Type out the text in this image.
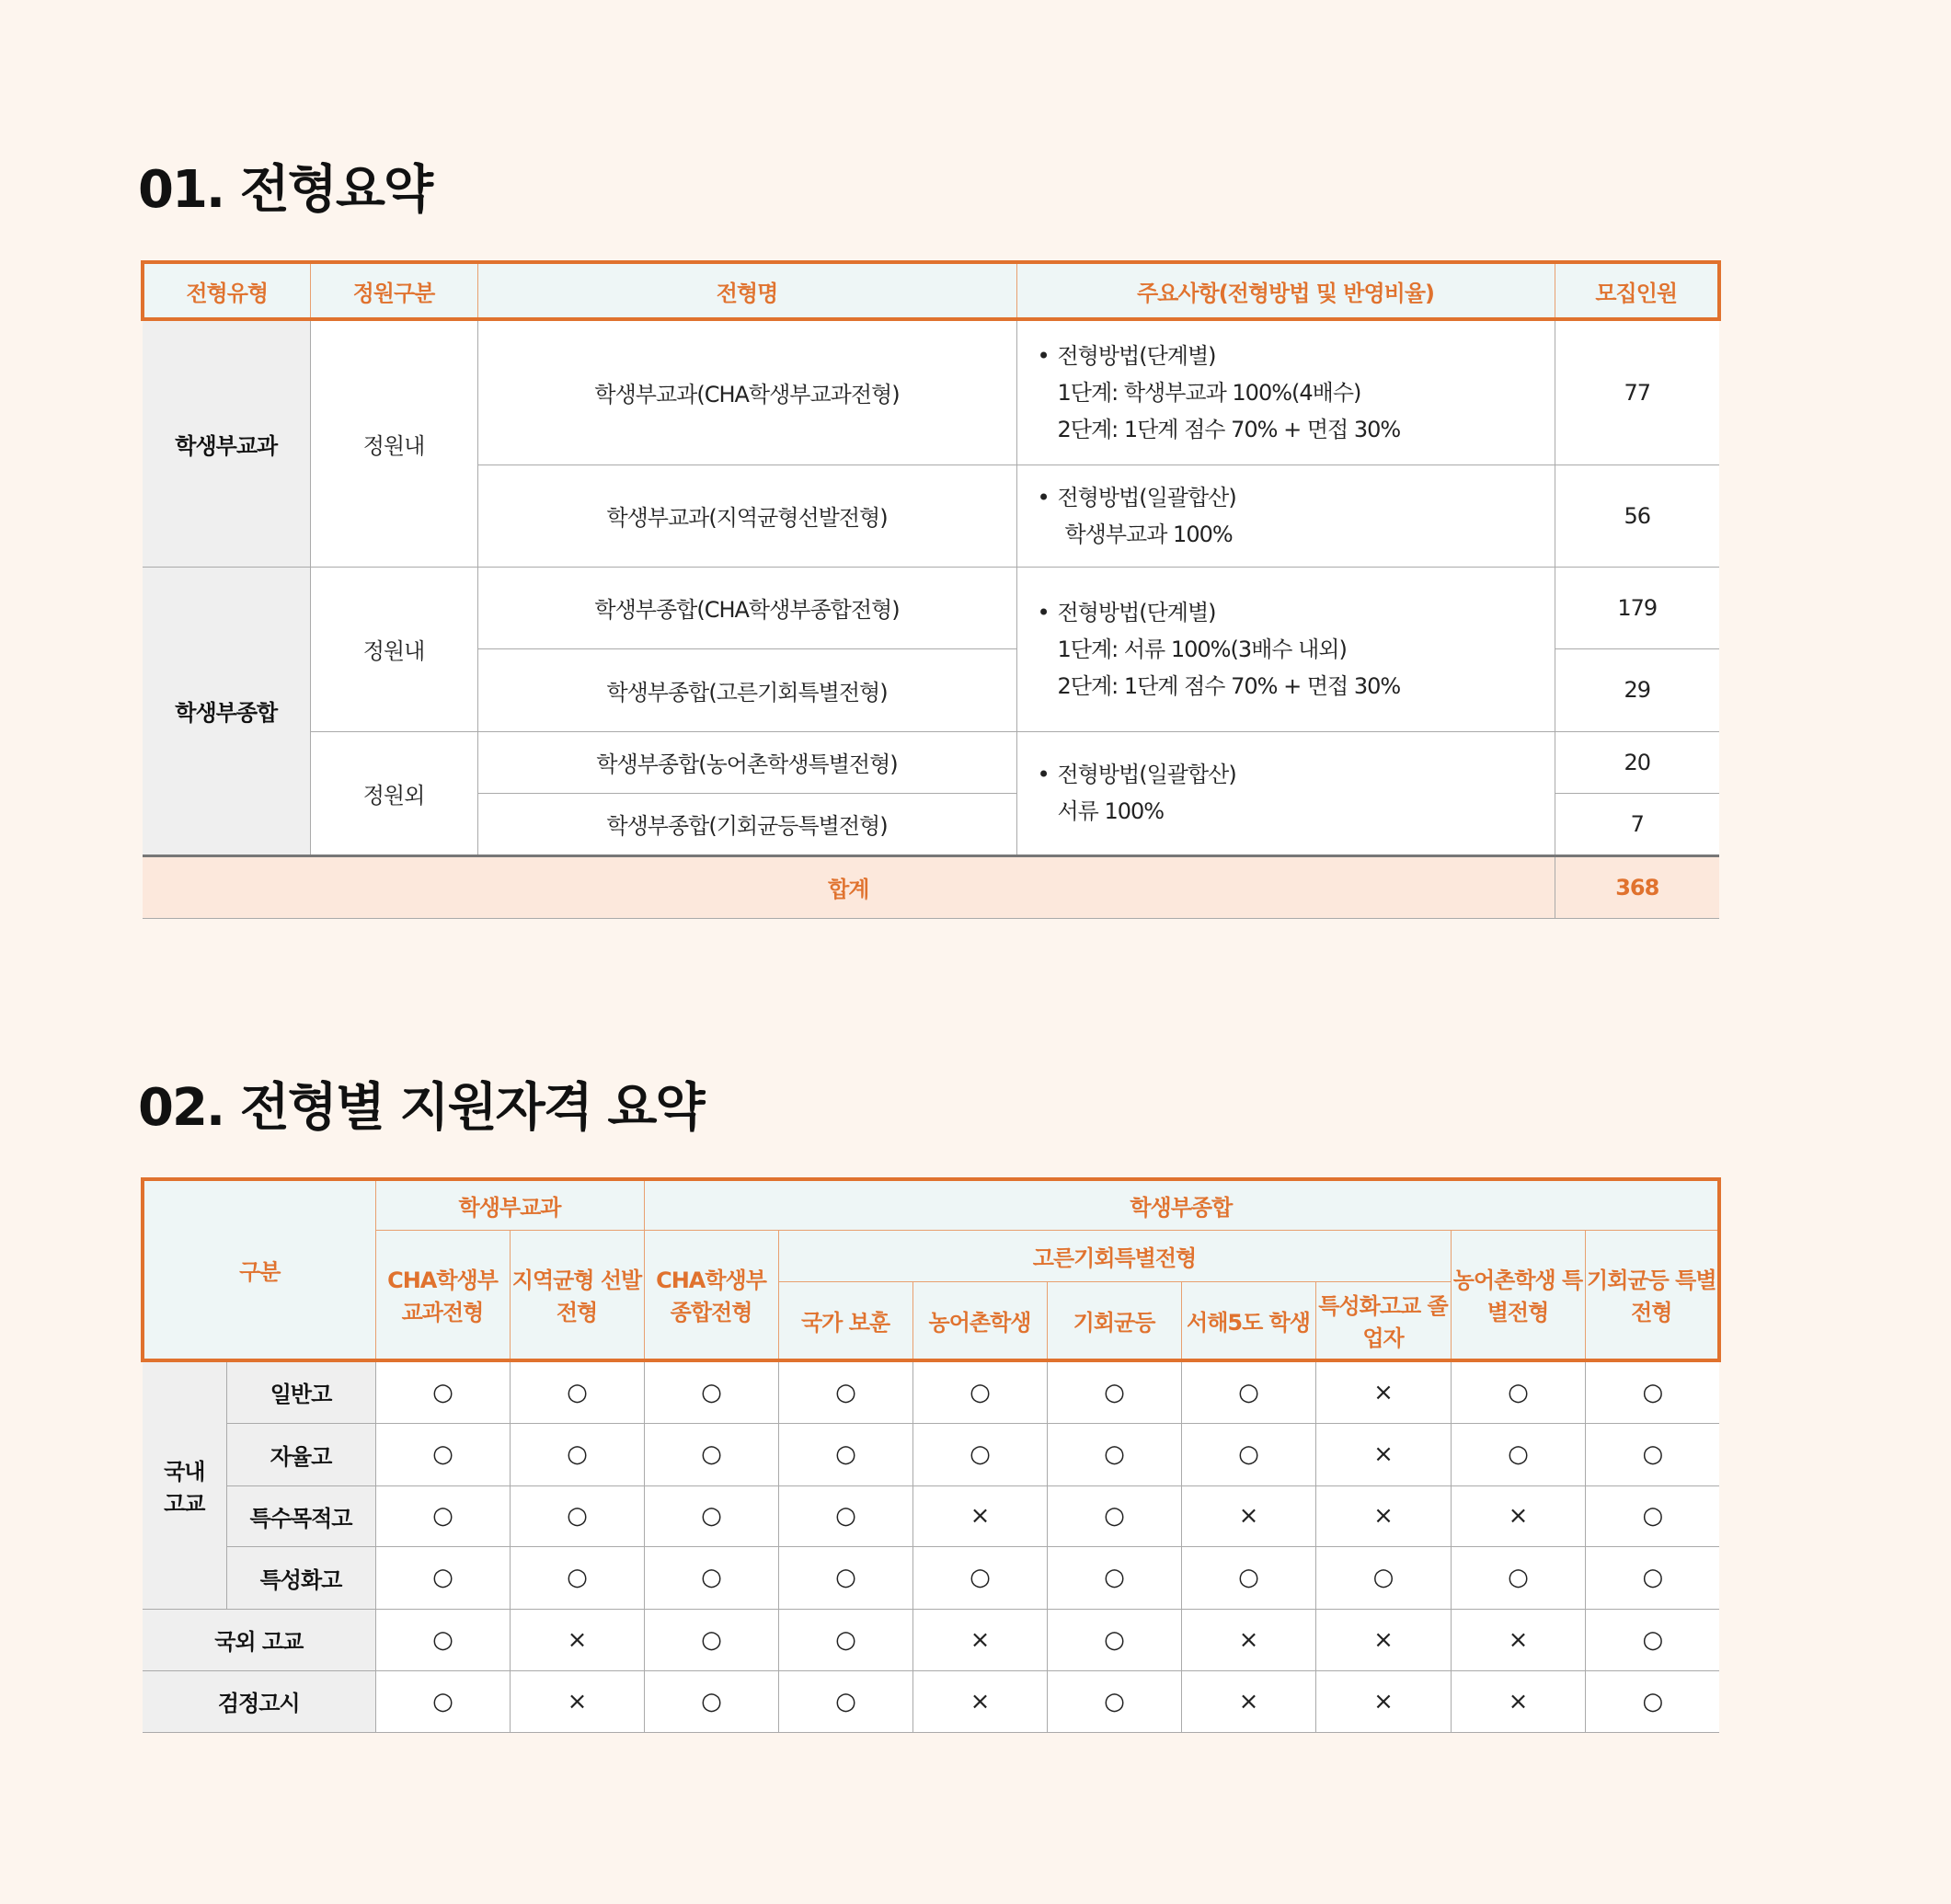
01. 전형요약
전형유형	정원구분	전형명	주요사항(전형방법 및 반영비율)	모집인원
학생부교과	정원내	학생부교과(CHA학생부교과전형)	• 전형방법(단계별)
1단계: 학생부교과 100%(4배수)
2단계: 1단계 점수 70% + 면접 30%	77
		학생부교과(지역균형선발전형)	• 전형방법(일괄합산)
학생부교과 100%	56
학생부종합	정원내	학생부종합(CHA학생부종합전형)	• 전형방법(단계별)
1단계: 서류 100%(3배수 내외)
2단계: 1단계 점수 70% + 면접 30%	179
		학생부종합(고른기회특별전형)		29
	정원외	학생부종합(농어촌학생특별전형)	• 전형방법(일괄합산)
서류 100%	20
		학생부종합(기회균등특별전형)		7
합계				368
02. 전형별 지원자격 요약
구분		학생부교과		학생부종합							
		CHA학생부 교과전형	지역균형 선발전형	CHA학생부 종합전형	고른기회특별전형					농어촌학생 특별전형	기회균등 특별전형
					국가 보훈	농어촌학생	기회균등	서해5도 학생	특성화고교 졸업자		
국내 고교	일반고	○	○	○	○	○	○	○	×	○	○
	자율고	○	○	○	○	○	○	○	×	○	○
	특수목적고	○	○	○	○	×	○	×	×	×	○
	특성화고	○	○	○	○	○	○	○	○	○	○
국외 고교		○	×	○	○	×	○	×	×	×	○
검정고시		○	×	○	○	×	○	×	×	×	○
